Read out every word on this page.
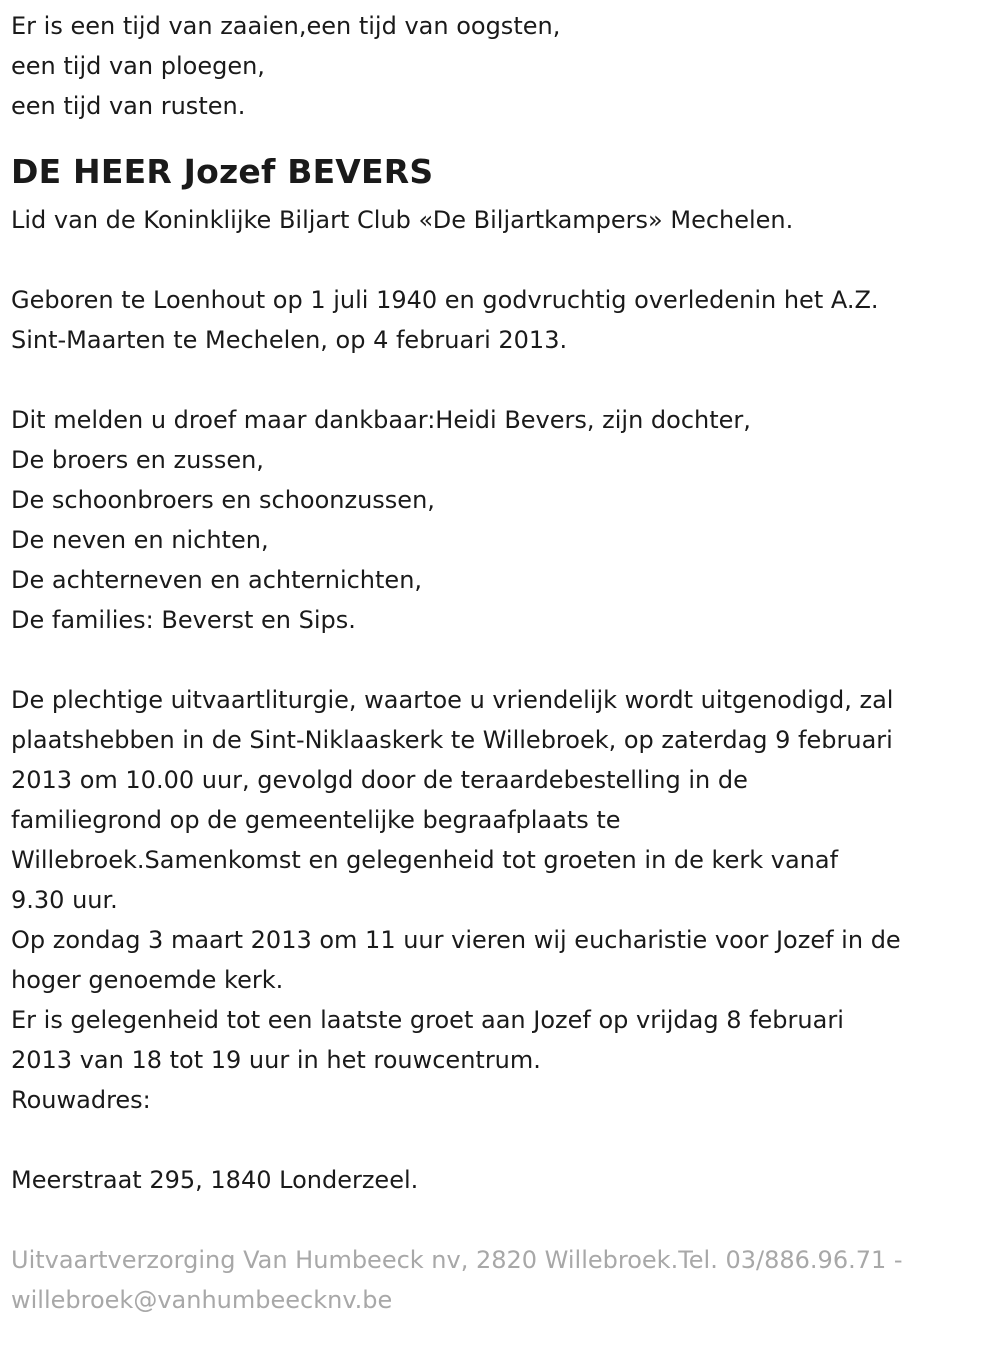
Er is een tijd van zaaien,een tijd van oogsten,
een tijd van ploegen,
een tijd van rusten.
DE HEER Jozef BEVERS
Lid van de Koninklijke Biljart Club «De Biljartkampers» Mechelen.
Geboren te Loenhout op 1 juli 1940 en godvruchtig overledenin het A.Z.
Sint-Maarten te Mechelen, op 4 februari 2013.
Dit melden u droef maar dankbaar:Heidi Bevers, zijn dochter,
De broers en zussen,
De schoonbroers en schoonzussen,
De neven en nichten,
De achterneven en achternichten,
De families: Beverst en Sips.
De plechtige uitvaartliturgie, waartoe u vriendelijk wordt uitgenodigd, zal
plaatshebben in de Sint-Niklaaskerk te Willebroek, op zaterdag 9 februari
2013 om 10.00 uur, gevolgd door de teraardebestelling in de
familiegrond op de gemeentelijke begraafplaats te
Willebroek.Samenkomst en gelegenheid tot groeten in de kerk vanaf
9.30 uur.
Op zondag 3 maart 2013 om 11 uur vieren wij eucharistie voor Jozef in de
hoger genoemde kerk.
Er is gelegenheid tot een laatste groet aan Jozef op vrijdag 8 februari
2013 van 18 tot 19 uur in het rouwcentrum.
Rouwadres:
Meerstraat 295, 1840 Londerzeel.
Uitvaartverzorging Van Humbeeck nv, 2820 Willebroek.Tel. 03/886.96.71 -
willebroek@vanhumbeecknv.be
